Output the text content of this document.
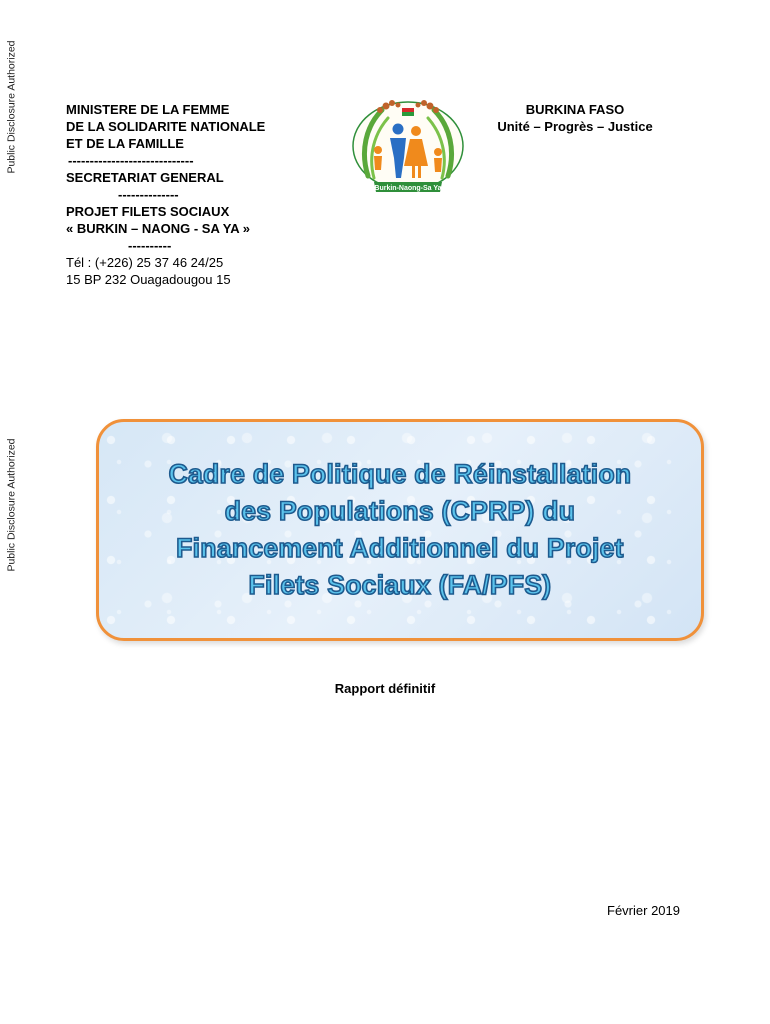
Public Disclosure Authorized
Public Disclosure Authorized
MINISTERE DE LA FEMME
DE LA SOLIDARITE NATIONALE
ET DE LA FAMILLE
-----------------------------
SECRETARIAT GENERAL
--------------
PROJET FILETS SOCIAUX
« BURKIN – NAONG - SA YA »
----------
Tél : (+226) 25 37 46 24/25
15 BP 232 Ouagadougou 15
Burkin-Naong-Sa Ya
BURKINA FASO
Unité – Progrès – Justice
Cadre de Politique de Réinstallation
des Populations (CPRP) du
Financement Additionnel du Projet
Filets Sociaux (FA/PFS)
Rapport définitif
Février 2019
